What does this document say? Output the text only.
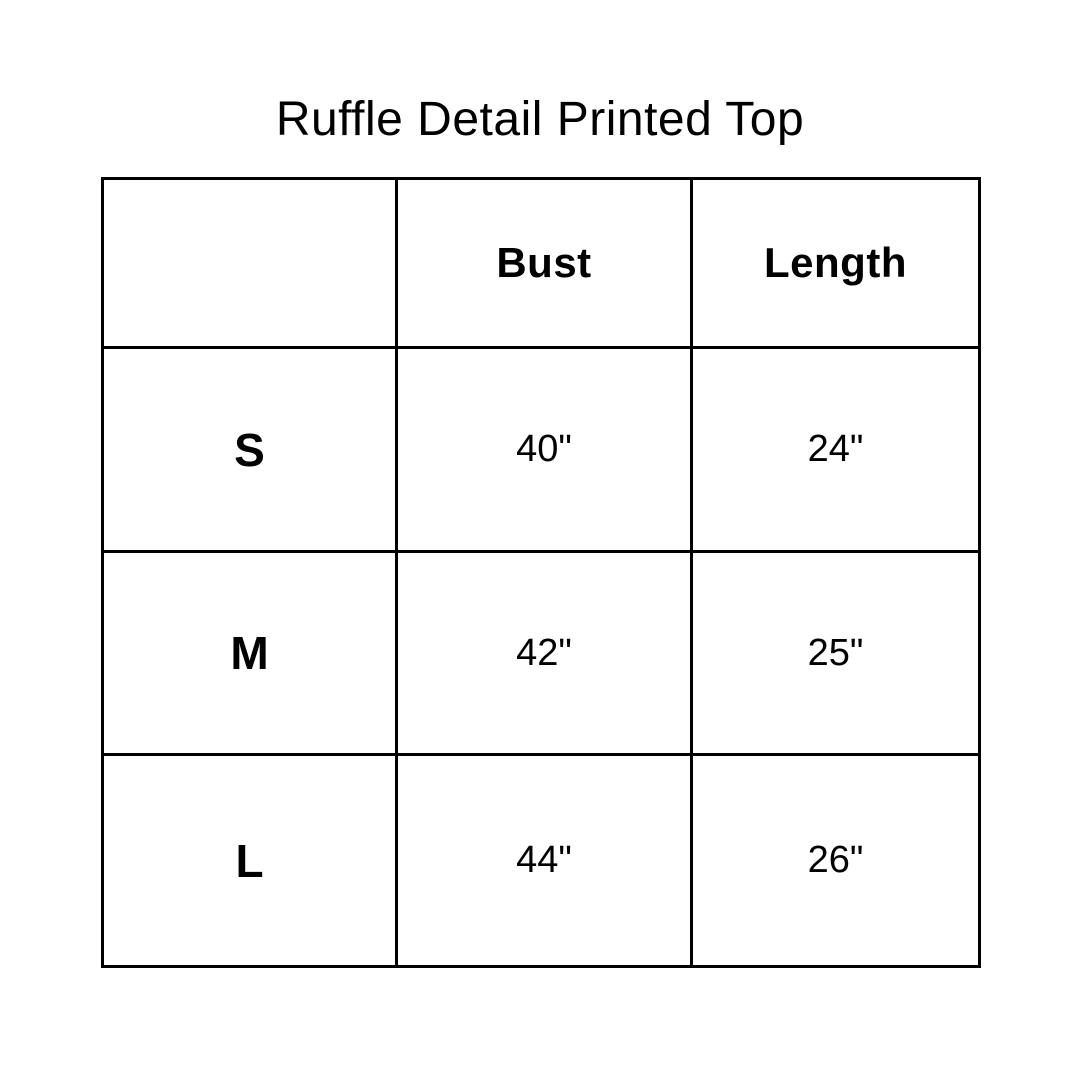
Ruffle Detail Printed Top
	Bust	Length
S	40"	24"
M	42"	25"
L	44"	26"
